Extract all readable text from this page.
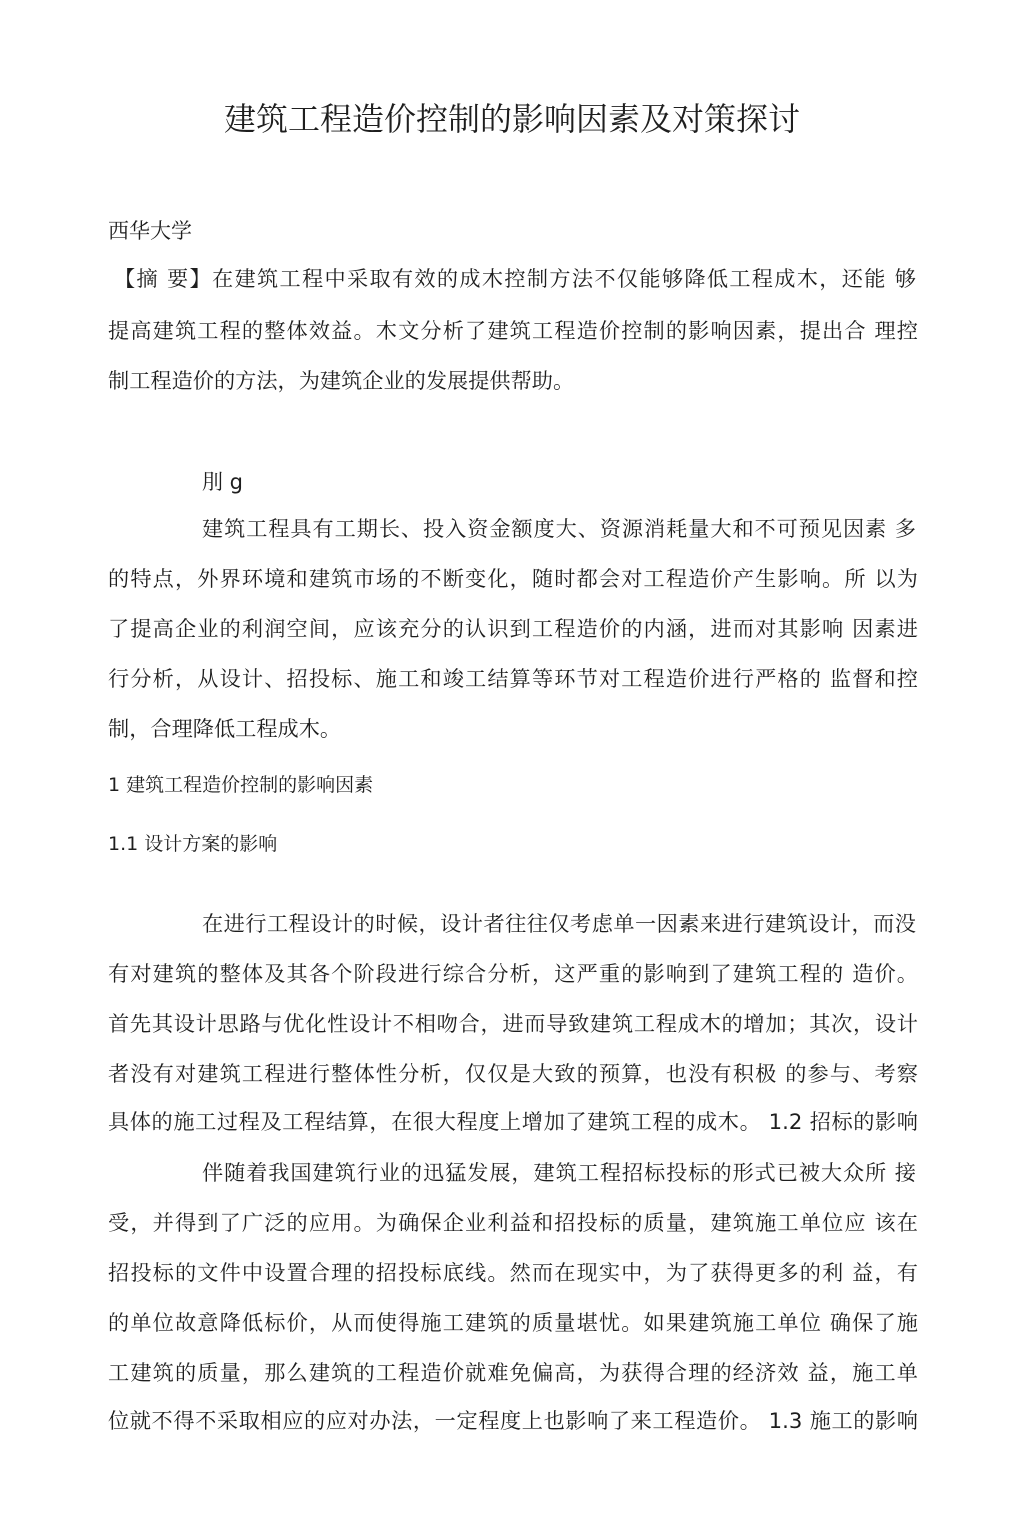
建筑工程造价控制的影响因素及对策探讨
西华大学
【摘 要】在建筑工程中采取有效的成木控制方法不仅能够降低工程成木，还能 够
提高建筑工程的整体效益。木文分析了建筑工程造价控制的影响因素，提出合 理控
制工程造价的方法，为建筑企业的发展提供帮助。
刖 g
建筑工程具有工期长、投入资金额度大、资源消耗量大和不可预见因素 多
的特点，外界环境和建筑市场的不断变化，随时都会对工程造价产生影响。所 以为
了提高企业的利润空间，应该充分的认识到工程造价的内涵，进而对其影响 因素进
行分析，从设计、招投标、施工和竣工结算等环节对工程造价进行严格的 监督和控
制，合理降低工程成木。
1 建筑工程造价控制的影响因素
1.1 设计方案的影响
在进行工程设计的时候，设计者往往仅考虑单一因素来进行建筑设计，而没
有对建筑的整体及其各个阶段进行综合分析，这严重的影响到了建筑工程的 造价。
首先其设计思路与优化性设计不相吻合，进而导致建筑工程成木的增加；其次，设计
者没有对建筑工程进行整体性分析，仅仅是大致的预算，也没有积极 的参与、考察
具体的施工过程及工程结算，在很大程度上增加了建筑工程的成木。 1.2 招标的影响
伴随着我国建筑行业的迅猛发展，建筑工程招标投标的形式已被大众所 接
受，并得到了广泛的应用。为确保企业利益和招投标的质量，建筑施工单位应 该在
招投标的文件中设置合理的招投标底线。然而在现实中，为了获得更多的利 益，有
的单位故意降低标价，从而使得施工建筑的质量堪忧。如果建筑施工单位 确保了施
工建筑的质量，那么建筑的工程造价就难免偏高，为获得合理的经济效 益，施工单
位就不得不采取相应的应对办法，一定程度上也影响了来工程造价。 1.3 施工的影响
